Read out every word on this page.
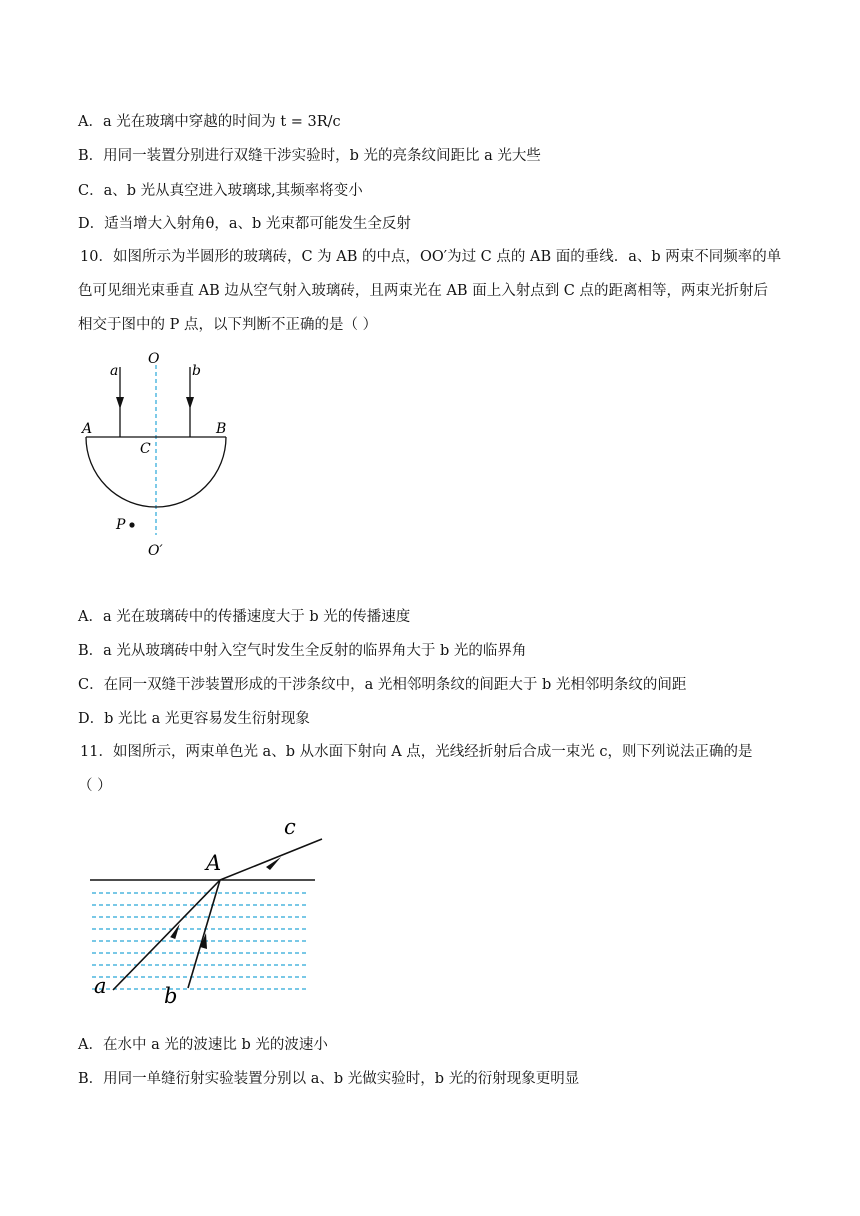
A．a 光在玻璃中穿越的时间为 t = 3R/c
B．用同一装置分别进行双缝干涉实验时，b 光的亮条纹间距比 a 光大些
C．a、b 光从真空进入玻璃球,其频率将变小
D．适当增大入射角θ，a、b 光束都可能发生全反射
10．如图所示为半圆形的玻璃砖，C 为 AB 的中点，OO′为过 C 点的 AB 面的垂线．a、b 两束不同频率的单
色可见细光束垂直 AB 边从空气射入玻璃砖，且两束光在 AB 面上入射点到 C 点的距离相等，两束光折射后
相交于图中的 P 点，以下判断不正确的是（ ）
a	b
O
A	B
C
P
O′
A．a 光在玻璃砖中的传播速度大于 b 光的传播速度
B．a 光从玻璃砖中射入空气时发生全反射的临界角大于 b 光的临界角
C．在同一双缝干涉装置形成的干涉条纹中，a 光相邻明条纹的间距大于 b 光相邻明条纹的间距
D．b 光比 a 光更容易发生衍射现象
11．如图所示，两束单色光 a、b 从水面下射向 A 点，光线经折射后合成一束光 c，则下列说法正确的是
（ ）
c
A
a	b
A．在水中 a 光的波速比 b 光的波速小
B．用同一单缝衍射实验装置分别以 a、b 光做实验时，b 光的衍射现象更明显
